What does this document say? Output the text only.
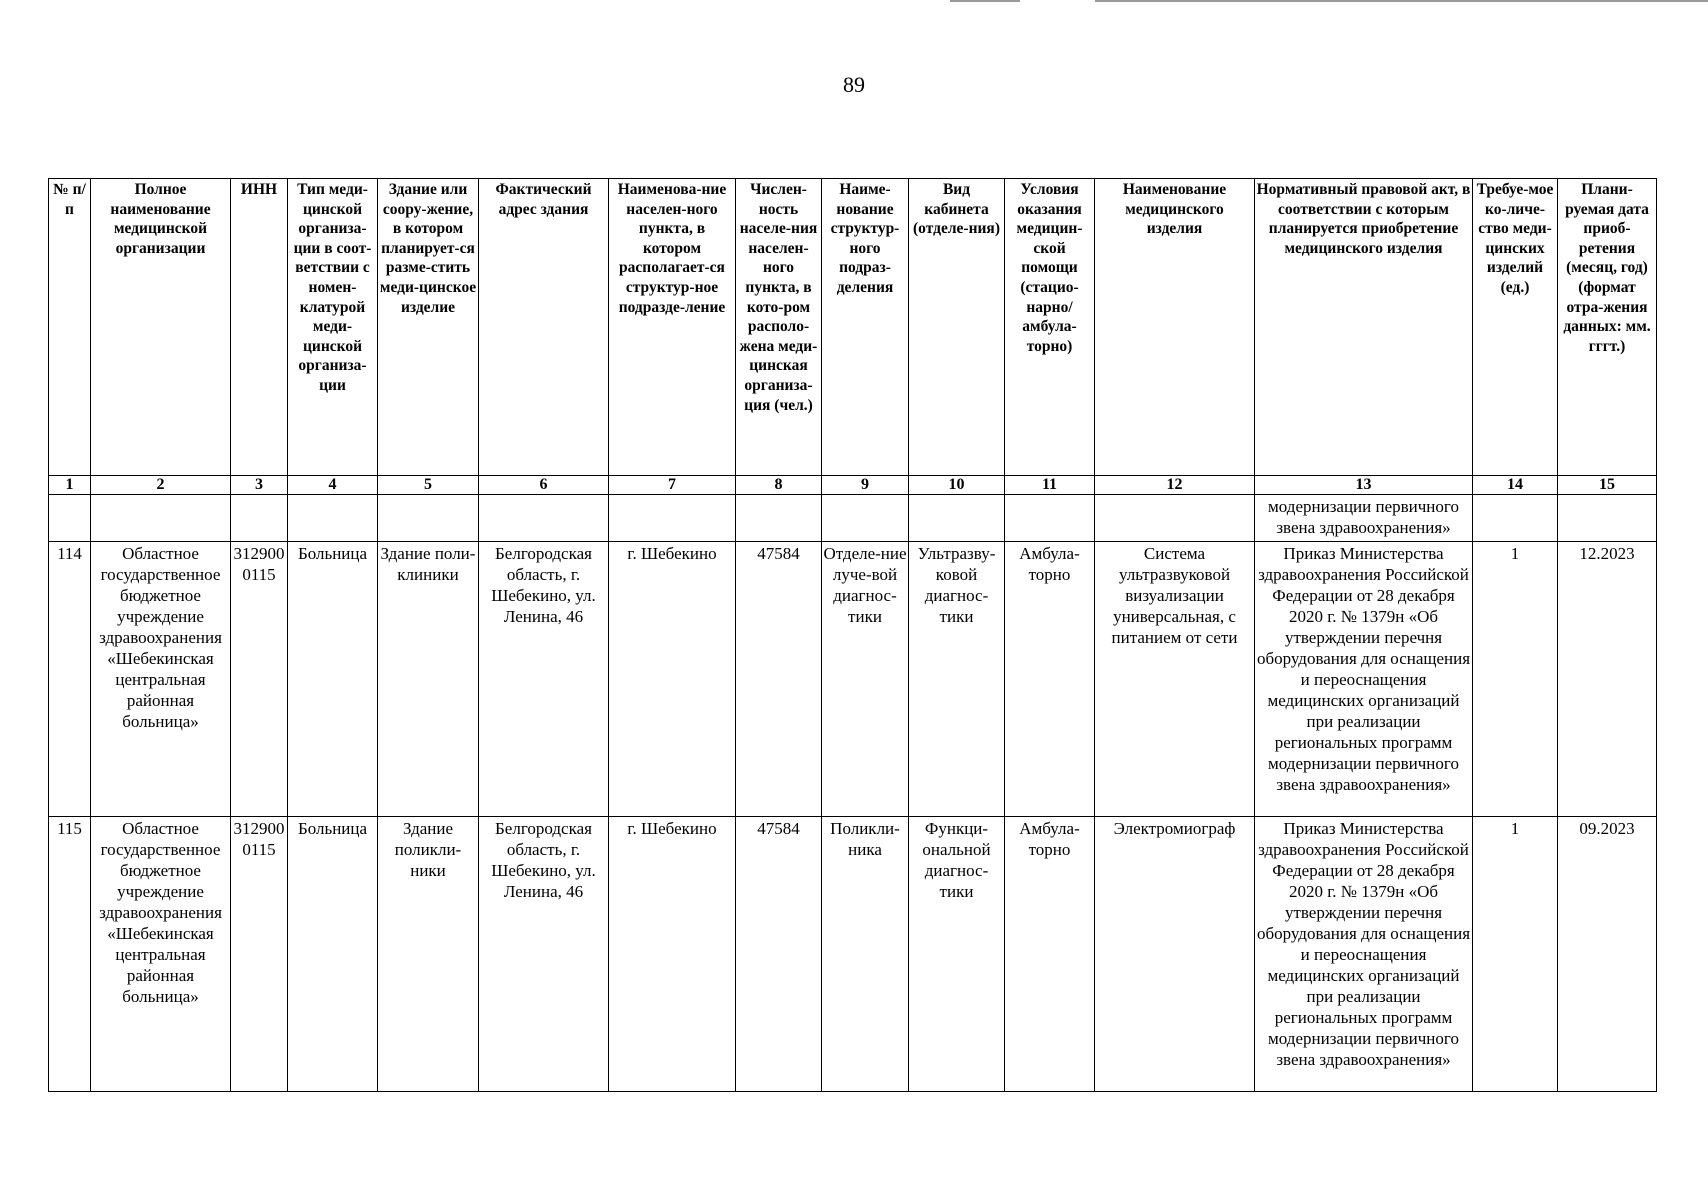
89
№ п/п	Полное наименование медицинской организации	ИНН	Тип меди-цинской организа-ции в соот-ветствии с номен-клатурой меди-цинской организа-ции	Здание или соору-жение, в котором планирует-ся разме-стить меди-цинское изделие	Фактический адрес здания	Наименова-ние населен-ного пункта, в котором располагает-ся структур-ное подразде-ление	Числен-ность населе-ния населен-ного пункта, в кото-ром располо-жена меди-цинская организа-ция (чел.)	Наиме-нование структур-ного подраз-деления	Вид кабинета (отделе-ния)	Условия оказания медицин-ской помощи (стацио-нарно/ амбула-торно)	Наименование медицинского изделия	Нормативный правовой акт, в соответствии с которым планируется приобретение медицинского изделия	Требуе-мое ко-личе-ство меди-цинских изделий (ед.)	Плани-руемая дата приоб-ретения (месяц, год) (формат отра-жения данных: мм. гггт.)
1	2	3	4	5	6	7	8	9	10	11	12	13	14	15
												модернизации первичного звена здравоохранения»		
114	Областное государственное бюджетное учреждение здравоохранения «Шебекинская центральная районная больница»	3129000115	Больница	Здание поли-клиники	Белгородская область, г. Шебекино, ул. Ленина, 46	г. Шебекино	47584	Отделе-ние луче-вой диагнос-тики	Ультразву-ковой диагнос-тики	Амбула-торно	Система ультразвуковой визуализации универсальная, с питанием от сети	Приказ Министерства здравоохранения Российской Федерации от 28 декабря 2020 г. № 1379н «Об утверждении перечня оборудования для оснащения и переоснащения медицинских организаций при реализации региональных программ модернизации первичного звена здравоохранения»	1	12.2023
115	Областное государственное бюджетное учреждение здравоохранения «Шебекинская центральная районная больница»	3129000115	Больница	Здание поликли-ники	Белгородская область, г. Шебекино, ул. Ленина, 46	г. Шебекино	47584	Поликли-ника	Функци-ональной диагнос-тики	Амбула-торно	Электромиограф	Приказ Министерства здравоохранения Российской Федерации от 28 декабря 2020 г. № 1379н «Об утверждении перечня оборудования для оснащения и переоснащения медицинских организаций при реализации региональных программ модернизации первичного звена здравоохранения»	1	09.2023
